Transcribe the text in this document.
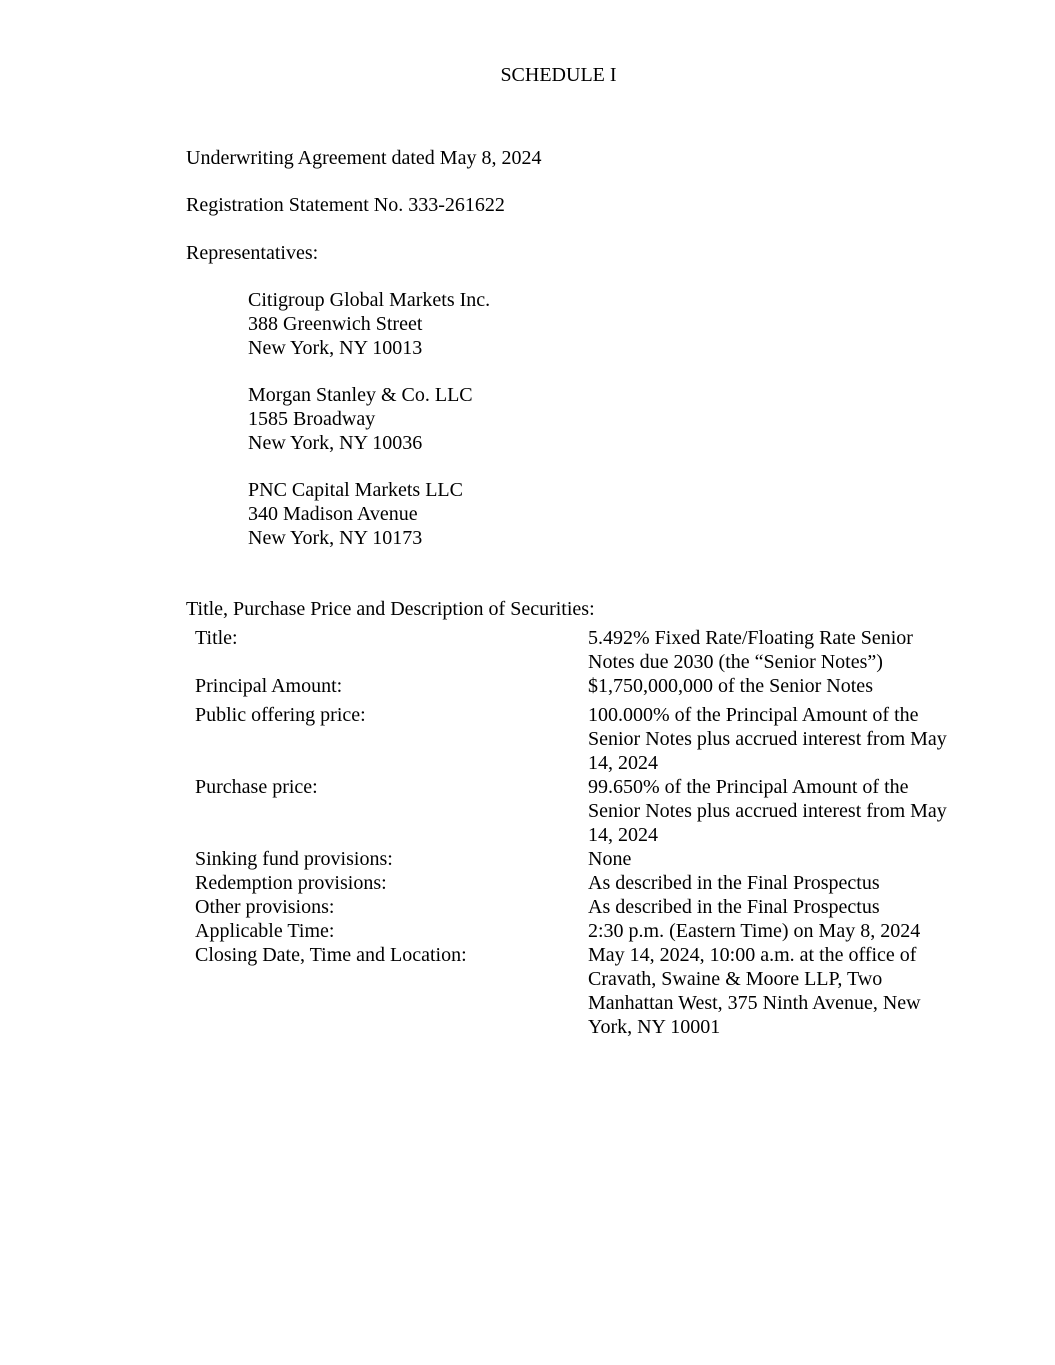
SCHEDULE I
Underwriting Agreement dated May 8, 2024
Registration Statement No. 333-261622
Representatives:
Citigroup Global Markets Inc.
388 Greenwich Street
New York, NY 10013
Morgan Stanley & Co. LLC
1585 Broadway
New York, NY 10036
PNC Capital Markets LLC
340 Madison Avenue
New York, NY 10173
Title, Purchase Price and Description of Securities:
Title:	5.492% Fixed Rate/Floating Rate Senior
Notes due 2030 (the “Senior Notes”)
Principal Amount:	$1,750,000,000 of the Senior Notes
Public offering price:	100.000% of the Principal Amount of the
Senior Notes plus accrued interest from May
14, 2024
Purchase price:	99.650% of the Principal Amount of the
Senior Notes plus accrued interest from May
14, 2024
Sinking fund provisions:	None
Redemption provisions:	As described in the Final Prospectus
Other provisions:	As described in the Final Prospectus
Applicable Time:	2:30 p.m. (Eastern Time) on May 8, 2024
Closing Date, Time and Location:	May 14, 2024, 10:00 a.m. at the office of
Cravath, Swaine & Moore LLP, Two
Manhattan West, 375 Ninth Avenue, New
York, NY 10001
